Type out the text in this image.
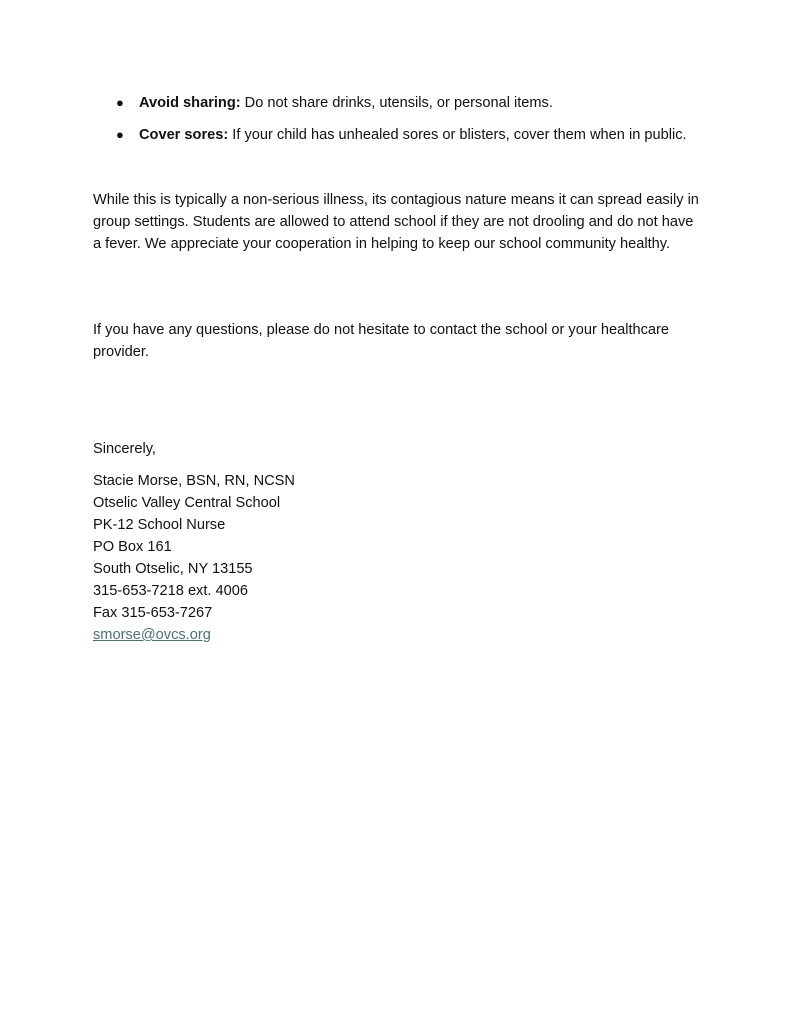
● Avoid sharing: Do not share drinks, utensils, or personal items.
● Cover sores: If your child has unhealed sores or blisters, cover them when in public.

While this is typically a non-serious illness, its contagious nature means it can spread easily in group settings. Students are allowed to attend school if they are not drooling and do not have a fever. We appreciate your cooperation in helping to keep our school community healthy.

If you have any questions, please do not hesitate to contact the school or your healthcare provider.

Sincerely,

Stacie Morse, BSN, RN, NCSN
Otselic Valley Central School
PK-12 School Nurse
PO Box 161
South Otselic, NY 13155
315-653-7218 ext. 4006
Fax 315-653-7267
smorse@ovcs.org
